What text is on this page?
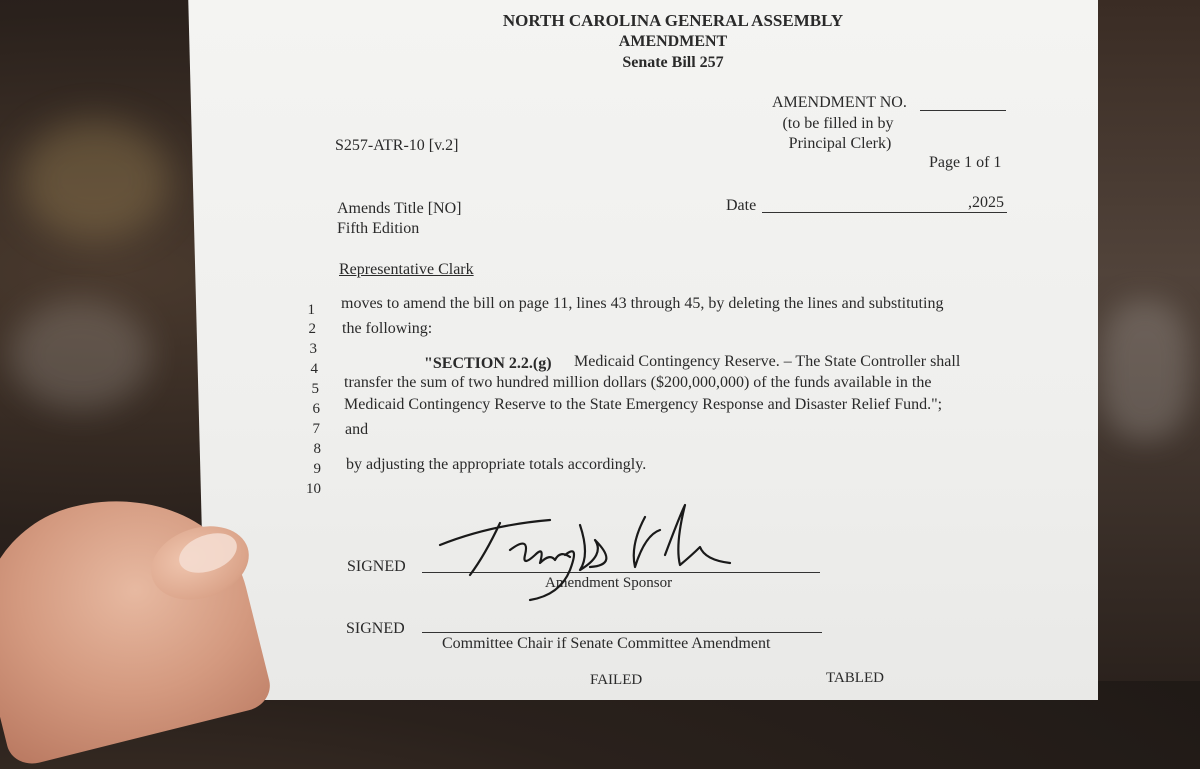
NORTH CAROLINA GENERAL ASSEMBLY
AMENDMENT
Senate Bill 257
AMENDMENT NO.
(to be filled in by
Principal Clerk)
Page 1 of 1
S257-ATR-10 [v.2]
Amends Title [NO]
Fifth Edition
Date	,2025
Representative Clark
1 moves to amend the bill on page 11, lines 43 through 45, by deleting the lines and substituting
2 the following:
3
4	"SECTION 2.2.(g) Medicaid Contingency Reserve. – The State Controller shall
5 transfer the sum of two hundred million dollars ($200,000,000) of the funds available in the
6 Medicaid Contingency Reserve to the State Emergency Response and Disaster Relief Fund.";
7 and
8
9 by adjusting the appropriate totals accordingly.
10
SIGNED
Amendment Sponsor
SIGNED
Committee Chair if Senate Committee Amendment
FAILED	TABLED
